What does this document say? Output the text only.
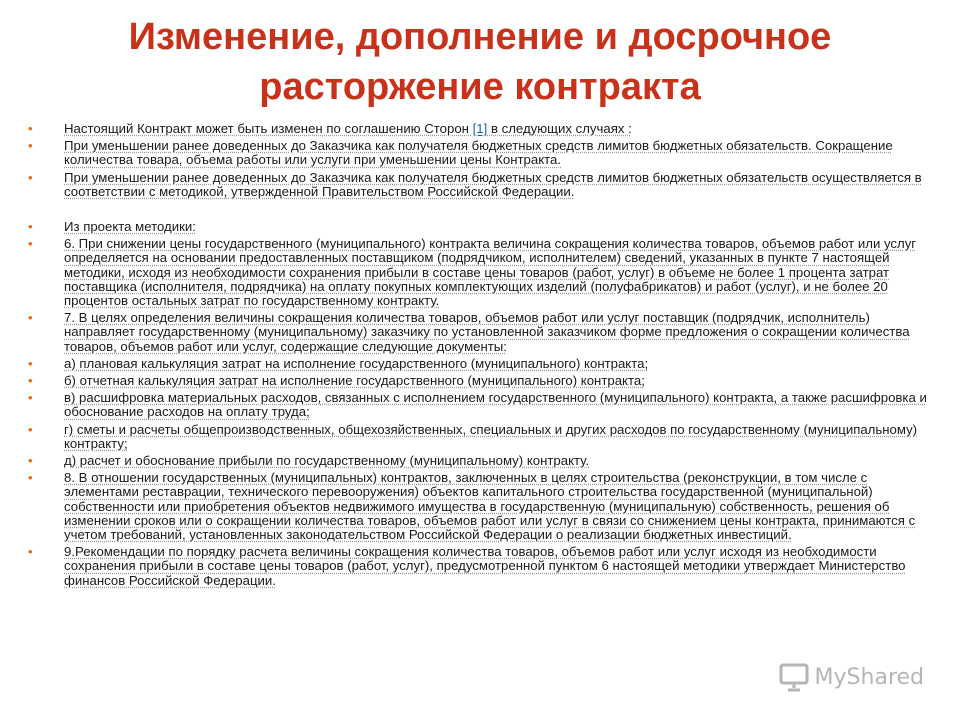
Изменение, дополнение и досрочное
расторжение контракта
• Настоящий Контракт может быть изменен по соглашению Сторон [1] в следующих случаях :
• При уменьшении ранее доведенных до Заказчика как получателя бюджетных средств лимитов бюджетных обязательств. Сокращение количества товара, объема работы или услуги при уменьшении цены Контракта.
• При уменьшении ранее доведенных до Заказчика как получателя бюджетных средств лимитов бюджетных обязательств осуществляется в соответствии с методикой, утвержденной Правительством Российской Федерации.
• Из проекта методики:
• 6. При снижении цены государственного (муниципального) контракта величина сокращения количества товаров, объемов работ или услуг определяется на основании предоставленных поставщиком (подрядчиком, исполнителем) сведений, указанных в пункте 7 настоящей методики, исходя из необходимости сохранения прибыли в составе цены товаров (работ, услуг) в объеме не более 1 процента затрат поставщика (исполнителя, подрядчика) на оплату покупных комплектующих изделий (полуфабрикатов) и работ (услуг), и не более 20 процентов остальных затрат по государственному контракту.
• 7. В целях определения величины сокращения количества товаров, объемов работ или услуг поставщик (подрядчик, исполнитель) направляет государственному (муниципальному) заказчику по установленной заказчиком форме предложения о сокращении количества товаров, объемов работ или услуг, содержащие следующие документы:
• а) плановая калькуляция затрат на исполнение государственного (муниципального) контракта;
• б) отчетная калькуляция затрат на исполнение государственного (муниципального) контракта;
• в) расшифровка материальных расходов, связанных с исполнением государственного (муниципального) контракта, а также расшифровка и обоснование расходов на оплату труда;
• г) сметы и расчеты общепроизводственных, общехозяйственных, специальных и других расходов по государственному (муниципальному) контракту;
• д) расчет и обоснование прибыли по государственному (муниципальному) контракту.
• 8. В отношении государственных (муниципальных) контрактов, заключенных в целях строительства (реконструкции, в том числе с элементами реставрации, технического перевооружения) объектов капитального строительства государственной (муниципальной) собственности или приобретения объектов недвижимого имущества в государственную (муниципальную) собственность, решения об изменении сроков или о сокращении количества товаров, объемов работ или услуг в связи со снижением цены контракта, принимаются с учетом требований, установленных законодательством Российской Федерации о реализации бюджетных инвестиций.
• 9.Рекомендации по порядку расчета величины сокращения количества товаров, объемов работ или услуг исходя из необходимости сохранения прибыли в составе цены товаров (работ, услуг), предусмотренной пунктом 6 настоящей методики утверждает Министерство финансов Российской Федерации.
MyShared
